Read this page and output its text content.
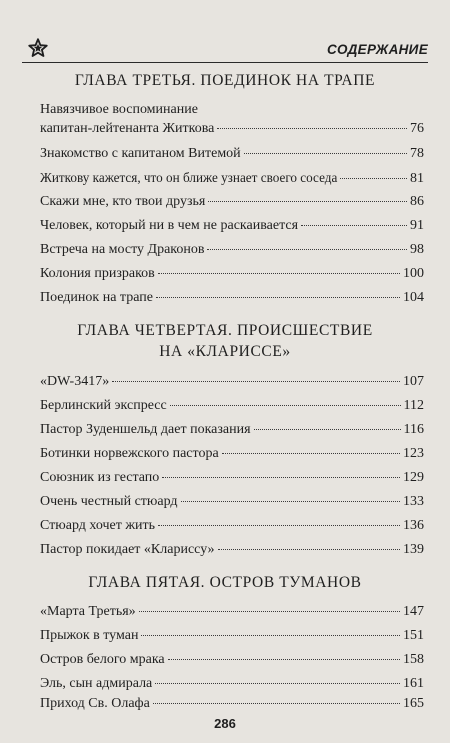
СОДЕРЖАНИЕ
ГЛАВА ТРЕТЬЯ. ПОЕДИНОК НА ТРАПЕ
Навязчивое воспоминание
капитан-лейтенанта Житкова	76
Знакомство с капитаном Витемой	78
Житкову кажется, что он ближе узнает своего соседа	81
Скажи мне, кто твои друзья	86
Человек, который ни в чем не раскаивается	91
Встреча на мосту Драконов	98
Колония призраков	100
Поединок на трапе	104
ГЛАВА ЧЕТВЕРТАЯ. ПРОИСШЕСТВИЕ
НА «КЛАРИССЕ»
«DW-3417»	107
Берлинский экспресс	112
Пастор Зуденшельд дает показания	116
Ботинки норвежского пастора	123
Союзник из гестапо	129
Очень честный стюард	133
Стюард хочет жить	136
Пастор покидает «Клариссу»	139
ГЛАВА ПЯТАЯ. ОСТРОВ ТУМАНОВ
«Марта Третья»	147
Прыжок в туман	151
Остров белого мрака	158
Эль, сын адмирала	161
Приход Св. Олафа	165
286
